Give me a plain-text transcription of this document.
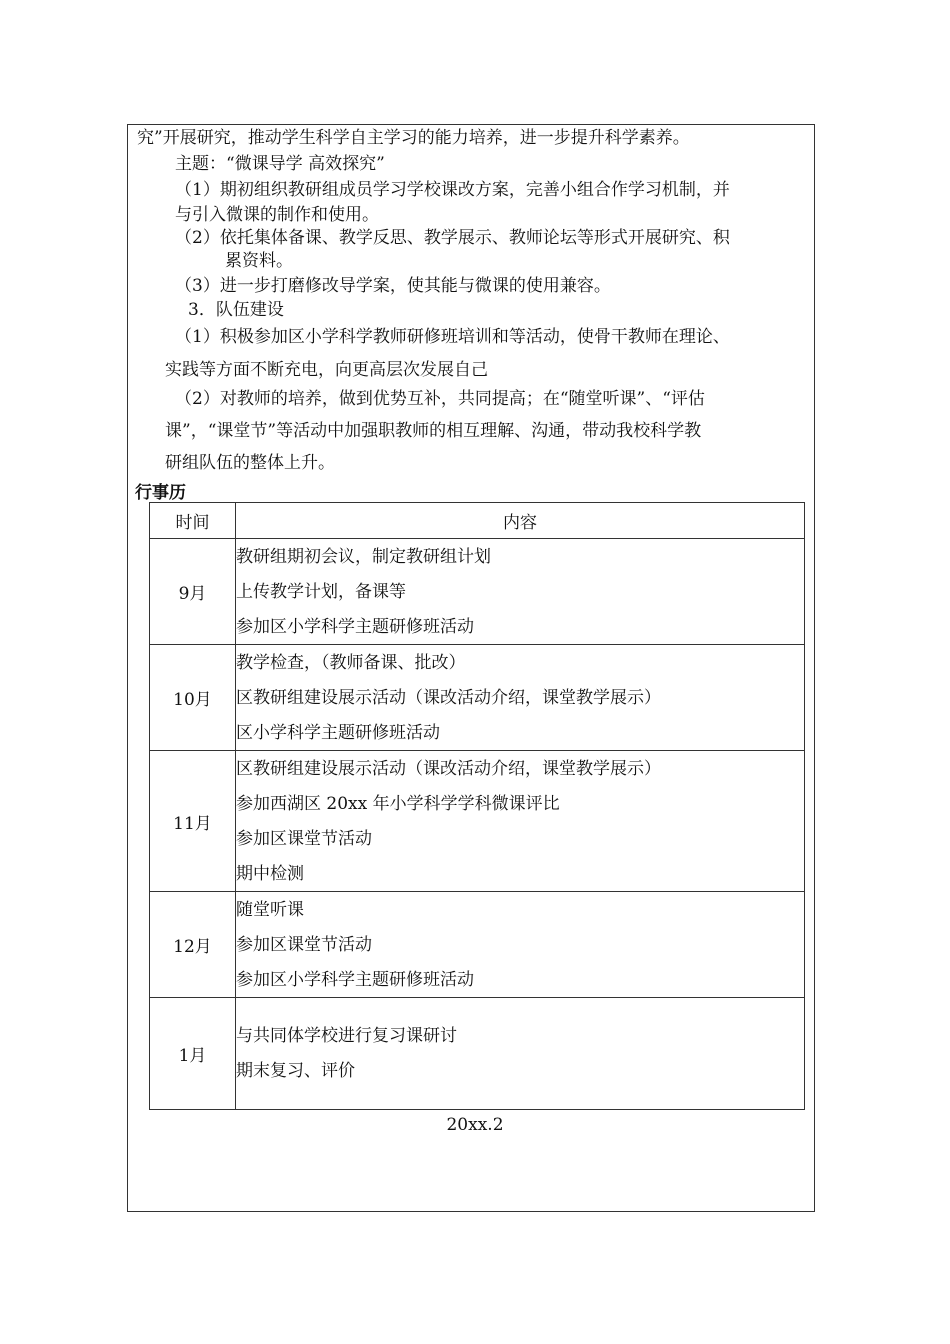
究”开展研究，推动学生科学自主学习的能力培养，进一步提升科学素养。
主题：“微课导学 高效探究”
（1）期初组织教研组成员学习学校课改方案，完善小组合作学习机制，并
与引入微课的制作和使用。
（2）依托集体备课、教学反思、教学展示、教师论坛等形式开展研究、积
累资料。
（3）进一步打磨修改导学案，使其能与微课的使用兼容。
3．队伍建设
（1）积极参加区小学科学教师研修班培训和等活动，使骨干教师在理论、
实践等方面不断充电，向更高层次发展自己
（2）对教师的培养，做到优势互补，共同提高；在“随堂听课”、“评估
课”，“课堂节”等活动中加强职教师的相互理解、沟通，带动我校科学教
研组队伍的整体上升。
行事历
时间	内容
9月	教研组期初会议，制定教研组计划
上传教学计划，备课等
参加区小学科学主题研修班活动

10月	教学检查，（教师备课、批改）
区教研组建设展示活动（课改活动介绍，课堂教学展示）
区小学科学主题研修班活动

11月	区教研组建设展示活动（课改活动介绍，课堂教学展示）
参加西湖区 20xx 年小学科学学科微课评比
参加区课堂节活动
期中检测

12月	随堂听课
参加区课堂节活动
参加区小学科学主题研修班活动

1月	与共同体学校进行复习课研讨
期末复习、评价
20xx.2
